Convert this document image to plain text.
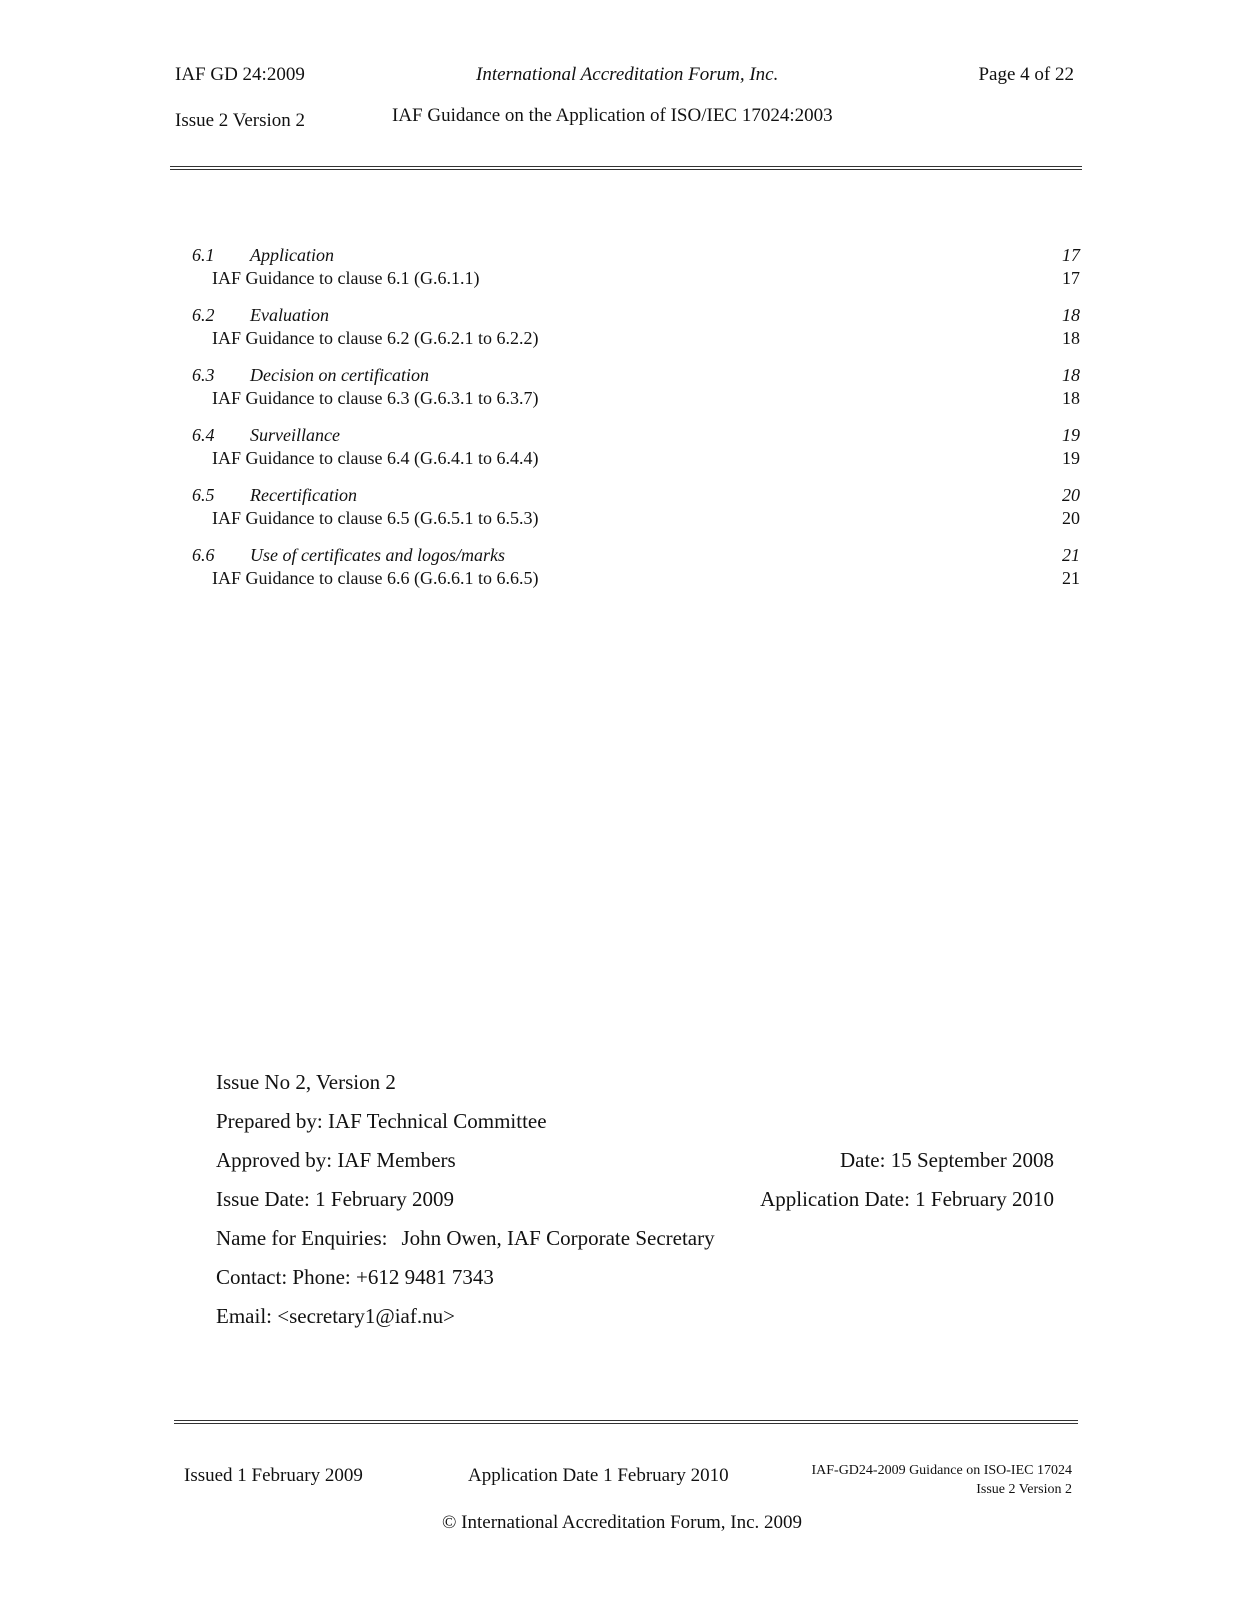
IAF GD 24:2009	International Accreditation Forum, Inc.	Page 4 of 22
Issue 2 Version 2	IAF Guidance on the Application of ISO/IEC 17024:2003
6.1 Application	17
IAF Guidance to clause 6.1 (G.6.1.1)	17
6.2 Evaluation	18
IAF Guidance to clause 6.2 (G.6.2.1 to 6.2.2)	18
6.3 Decision on certification	18
IAF Guidance to clause 6.3 (G.6.3.1 to 6.3.7)	18
6.4 Surveillance	19
IAF Guidance to clause 6.4 (G.6.4.1 to 6.4.4)	19
6.5 Recertification	20
IAF Guidance to clause 6.5 (G.6.5.1 to 6.5.3)	20
6.6 Use of certificates and logos/marks	21
IAF Guidance to clause 6.6 (G.6.6.1 to 6.6.5)	21
Issue No 2, Version 2
Prepared by: IAF Technical Committee
Approved by: IAF Members	Date: 15 September 2008
Issue Date: 1 February 2009	Application Date: 1 February 2010
Name for Enquiries: John Owen, IAF Corporate Secretary
Contact: Phone: +612 9481 7343
Email: <secretary1@iaf.nu>
Issued 1 February 2009	Application Date 1 February 2010	IAF-GD24-2009 Guidance on ISO-IEC 17024
Issue 2 Version 2
© International Accreditation Forum, Inc. 2009
